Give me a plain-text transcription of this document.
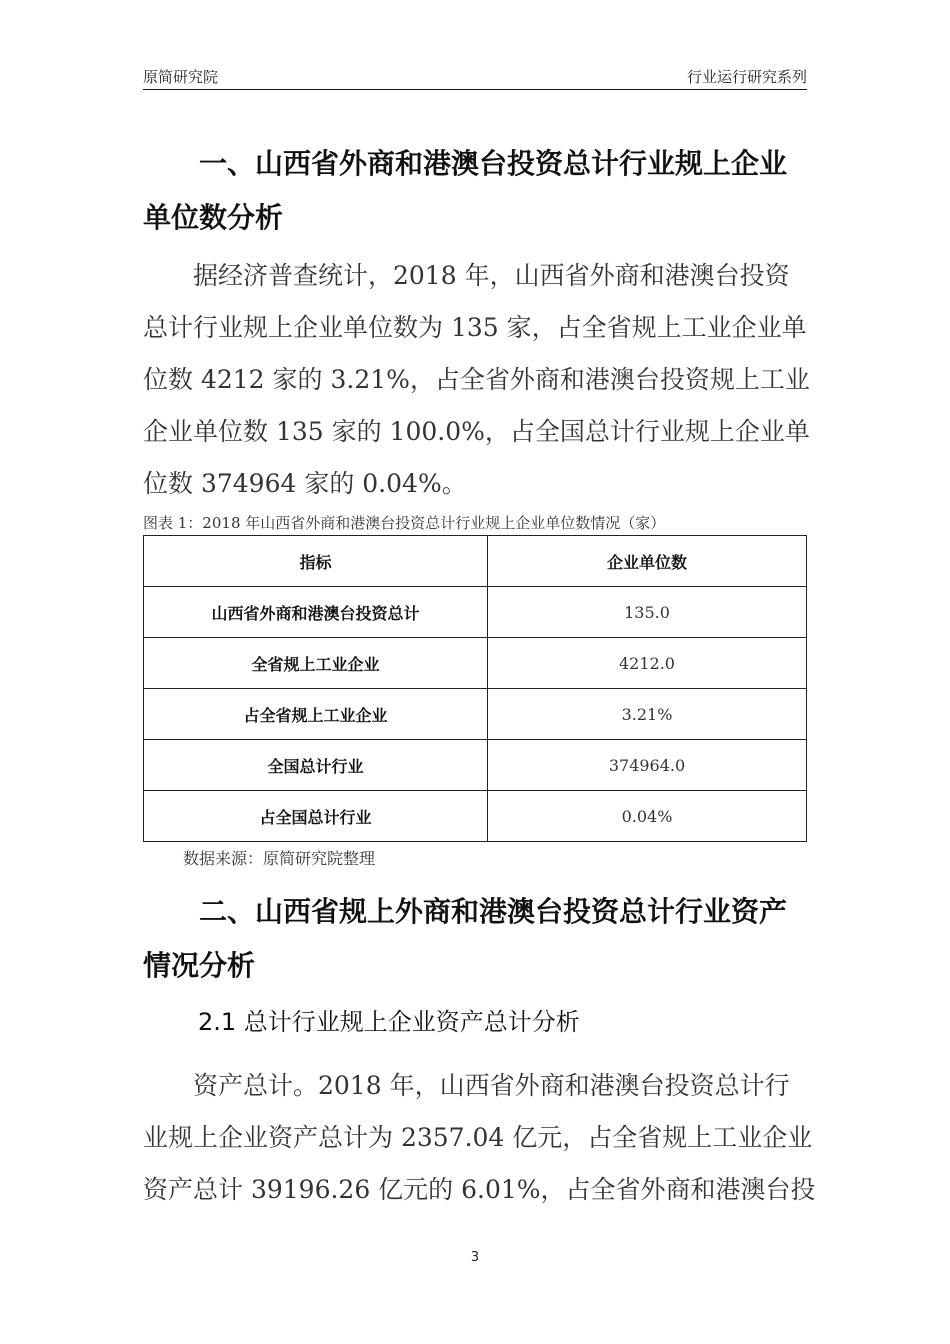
原简研究院	行业运行研究系列
一、山西省外商和港澳台投资总计行业规上企业
单位数分析
据经济普查统计，2018 年，山西省外商和港澳台投资
总计行业规上企业单位数为 135 家，占全省规上工业企业单
位数 4212 家的 3.21%，占全省外商和港澳台投资规上工业
企业单位数 135 家的 100.0%，占全国总计行业规上企业单
位数 374964 家的 0.04%。
图表 1：2018 年山西省外商和港澳台投资总计行业规上企业单位数情况（家）
指标	企业单位数
山西省外商和港澳台投资总计	135.0
全省规上工业企业	4212.0
占全省规上工业企业	3.21%
全国总计行业	374964.0
占全国总计行业	0.04%
数据来源：原简研究院整理
二、山西省规上外商和港澳台投资总计行业资产
情况分析
2.1 总计行业规上企业资产总计分析
资产总计。2018 年，山西省外商和港澳台投资总计行
业规上企业资产总计为 2357.04 亿元，占全省规上工业企业
资产总计 39196.26 亿元的 6.01%，占全省外商和港澳台投
3
